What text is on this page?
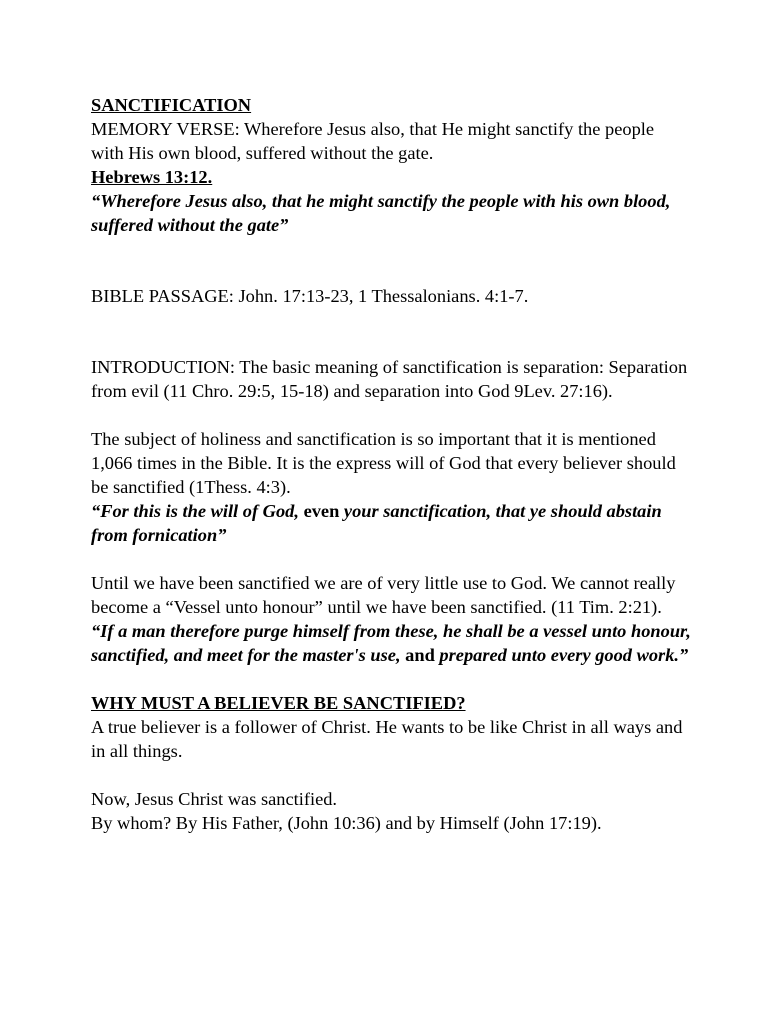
SANCTIFICATION

MEMORY VERSE: Wherefore Jesus also, that He might sanctify the people with His own blood, suffered without the gate.

Hebrews 13:12.

“Wherefore Jesus also, that he might sanctify the people with his own blood, suffered without the gate”

BIBLE PASSAGE: John. 17:13-23, 1 Thessalonians. 4:1-7.

INTRODUCTION: The basic meaning of sanctification is separation: Separation from evil (11 Chro. 29:5, 15-18) and separation into God 9Lev. 27:16).

The subject of holiness and sanctification is so important that it is mentioned 1,066 times in the Bible. It is the express will of God that every believer should be sanctified (1Thess. 4:3).

“For this is the will of God, even your sanctification, that ye should abstain from fornication”

Until we have been sanctified we are of very little use to God. We cannot really become a “Vessel unto honour” until we have been sanctified. (11 Tim. 2:21).

“If a man therefore purge himself from these, he shall be a vessel unto honour, sanctified, and meet for the master's use, and prepared unto every good work.”

WHY MUST A BELIEVER BE SANCTIFIED?

A true believer is a follower of Christ. He wants to be like Christ in all ways and in all things.

Now, Jesus Christ was sanctified.

By whom? By His Father, (John 10:36) and by Himself (John 17:19).
